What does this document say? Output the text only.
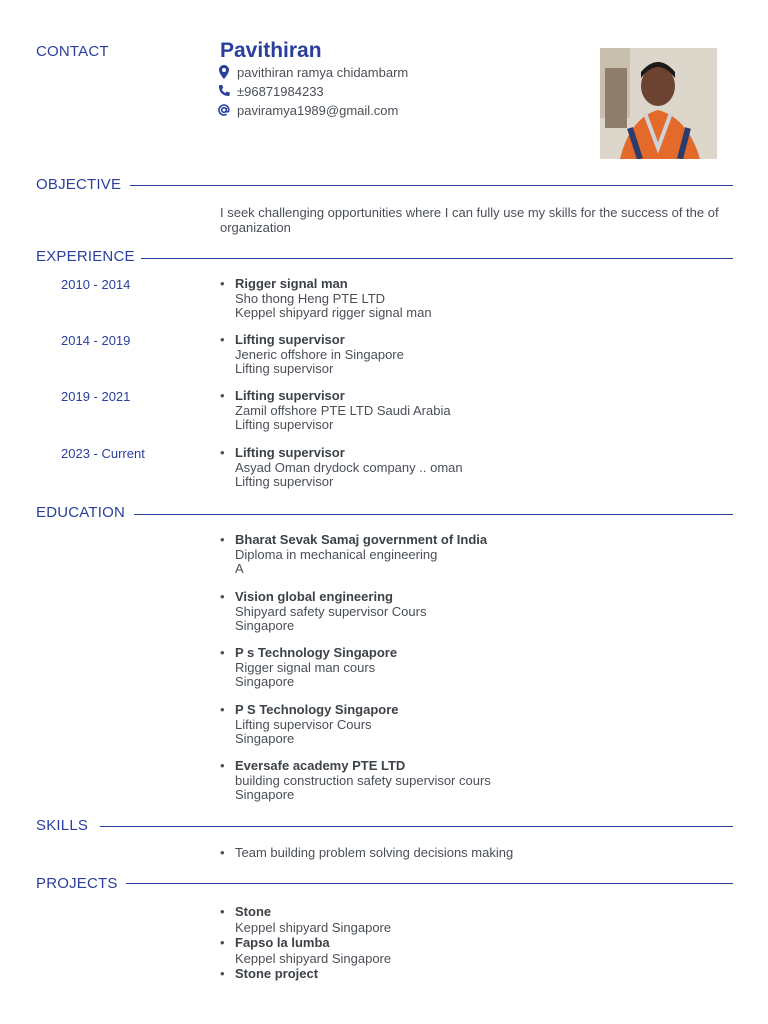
CONTACT	Pavithiran
pavithiran ramya chidambarm
±96871984233
paviramya1989@gmail.com
OBJECTIVE
I seek challenging opportunities where I can fully use my skills for the success of the of organization
EXPERIENCE
2010 - 2014	• Rigger signal man
Sho thong Heng PTE LTD
Keppel shipyard rigger signal man
2014 - 2019	• Lifting supervisor
Jeneric offshore in Singapore
Lifting supervisor
2019 - 2021	• Lifting supervisor
Zamil offshore PTE LTD Saudi Arabia
Lifting supervisor
2023 - Current	• Lifting supervisor
Asyad Oman drydock company .. oman
Lifting supervisor
EDUCATION
• Bharat Sevak Samaj government of India
Diploma in mechanical engineering
A
• Vision global engineering
Shipyard safety supervisor Cours
Singapore
• P s Technology Singapore
Rigger signal man cours
Singapore
• P S Technology Singapore
Lifting supervisor Cours
Singapore
• Eversafe academy PTE LTD
building construction safety supervisor cours
Singapore
SKILLS
• Team building problem solving decisions making
PROJECTS
• Stone
Keppel shipyard Singapore
• Fapso la lumba
Keppel shipyard Singapore
• Stone project
